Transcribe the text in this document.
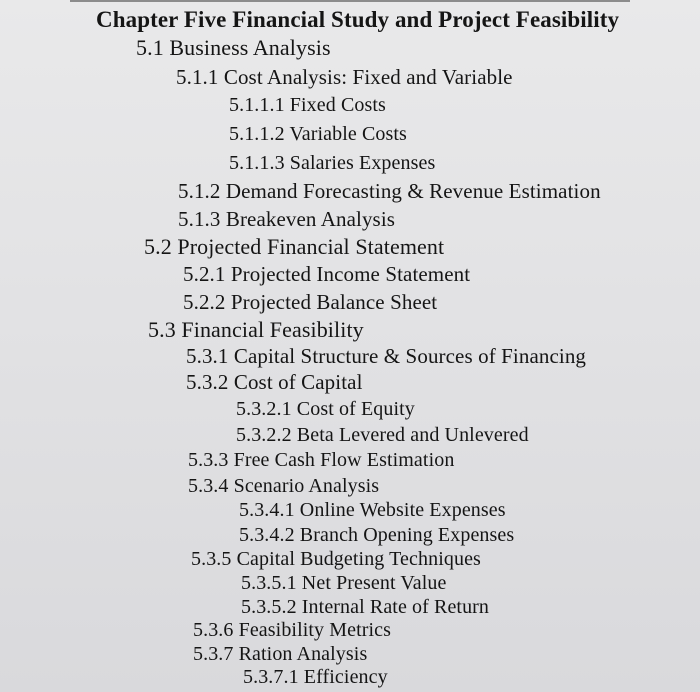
Chapter Five Financial Study and Project Feasibility
5.1 Business Analysis
5.1.1 Cost Analysis: Fixed and Variable
5.1.1.1 Fixed Costs
5.1.1.2 Variable Costs
5.1.1.3 Salaries Expenses
5.1.2 Demand Forecasting & Revenue Estimation
5.1.3 Breakeven Analysis
5.2 Projected Financial Statement
5.2.1 Projected Income Statement
5.2.2 Projected Balance Sheet
5.3 Financial Feasibility
5.3.1 Capital Structure & Sources of Financing
5.3.2 Cost of Capital
5.3.2.1 Cost of Equity
5.3.2.2 Beta Levered and Unlevered
5.3.3 Free Cash Flow Estimation
5.3.4 Scenario Analysis
5.3.4.1 Online Website Expenses
5.3.4.2 Branch Opening Expenses
5.3.5 Capital Budgeting Techniques
5.3.5.1 Net Present Value
5.3.5.2 Internal Rate of Return
5.3.6 Feasibility Metrics
5.3.7 Ration Analysis
5.3.7.1 Efficiency
